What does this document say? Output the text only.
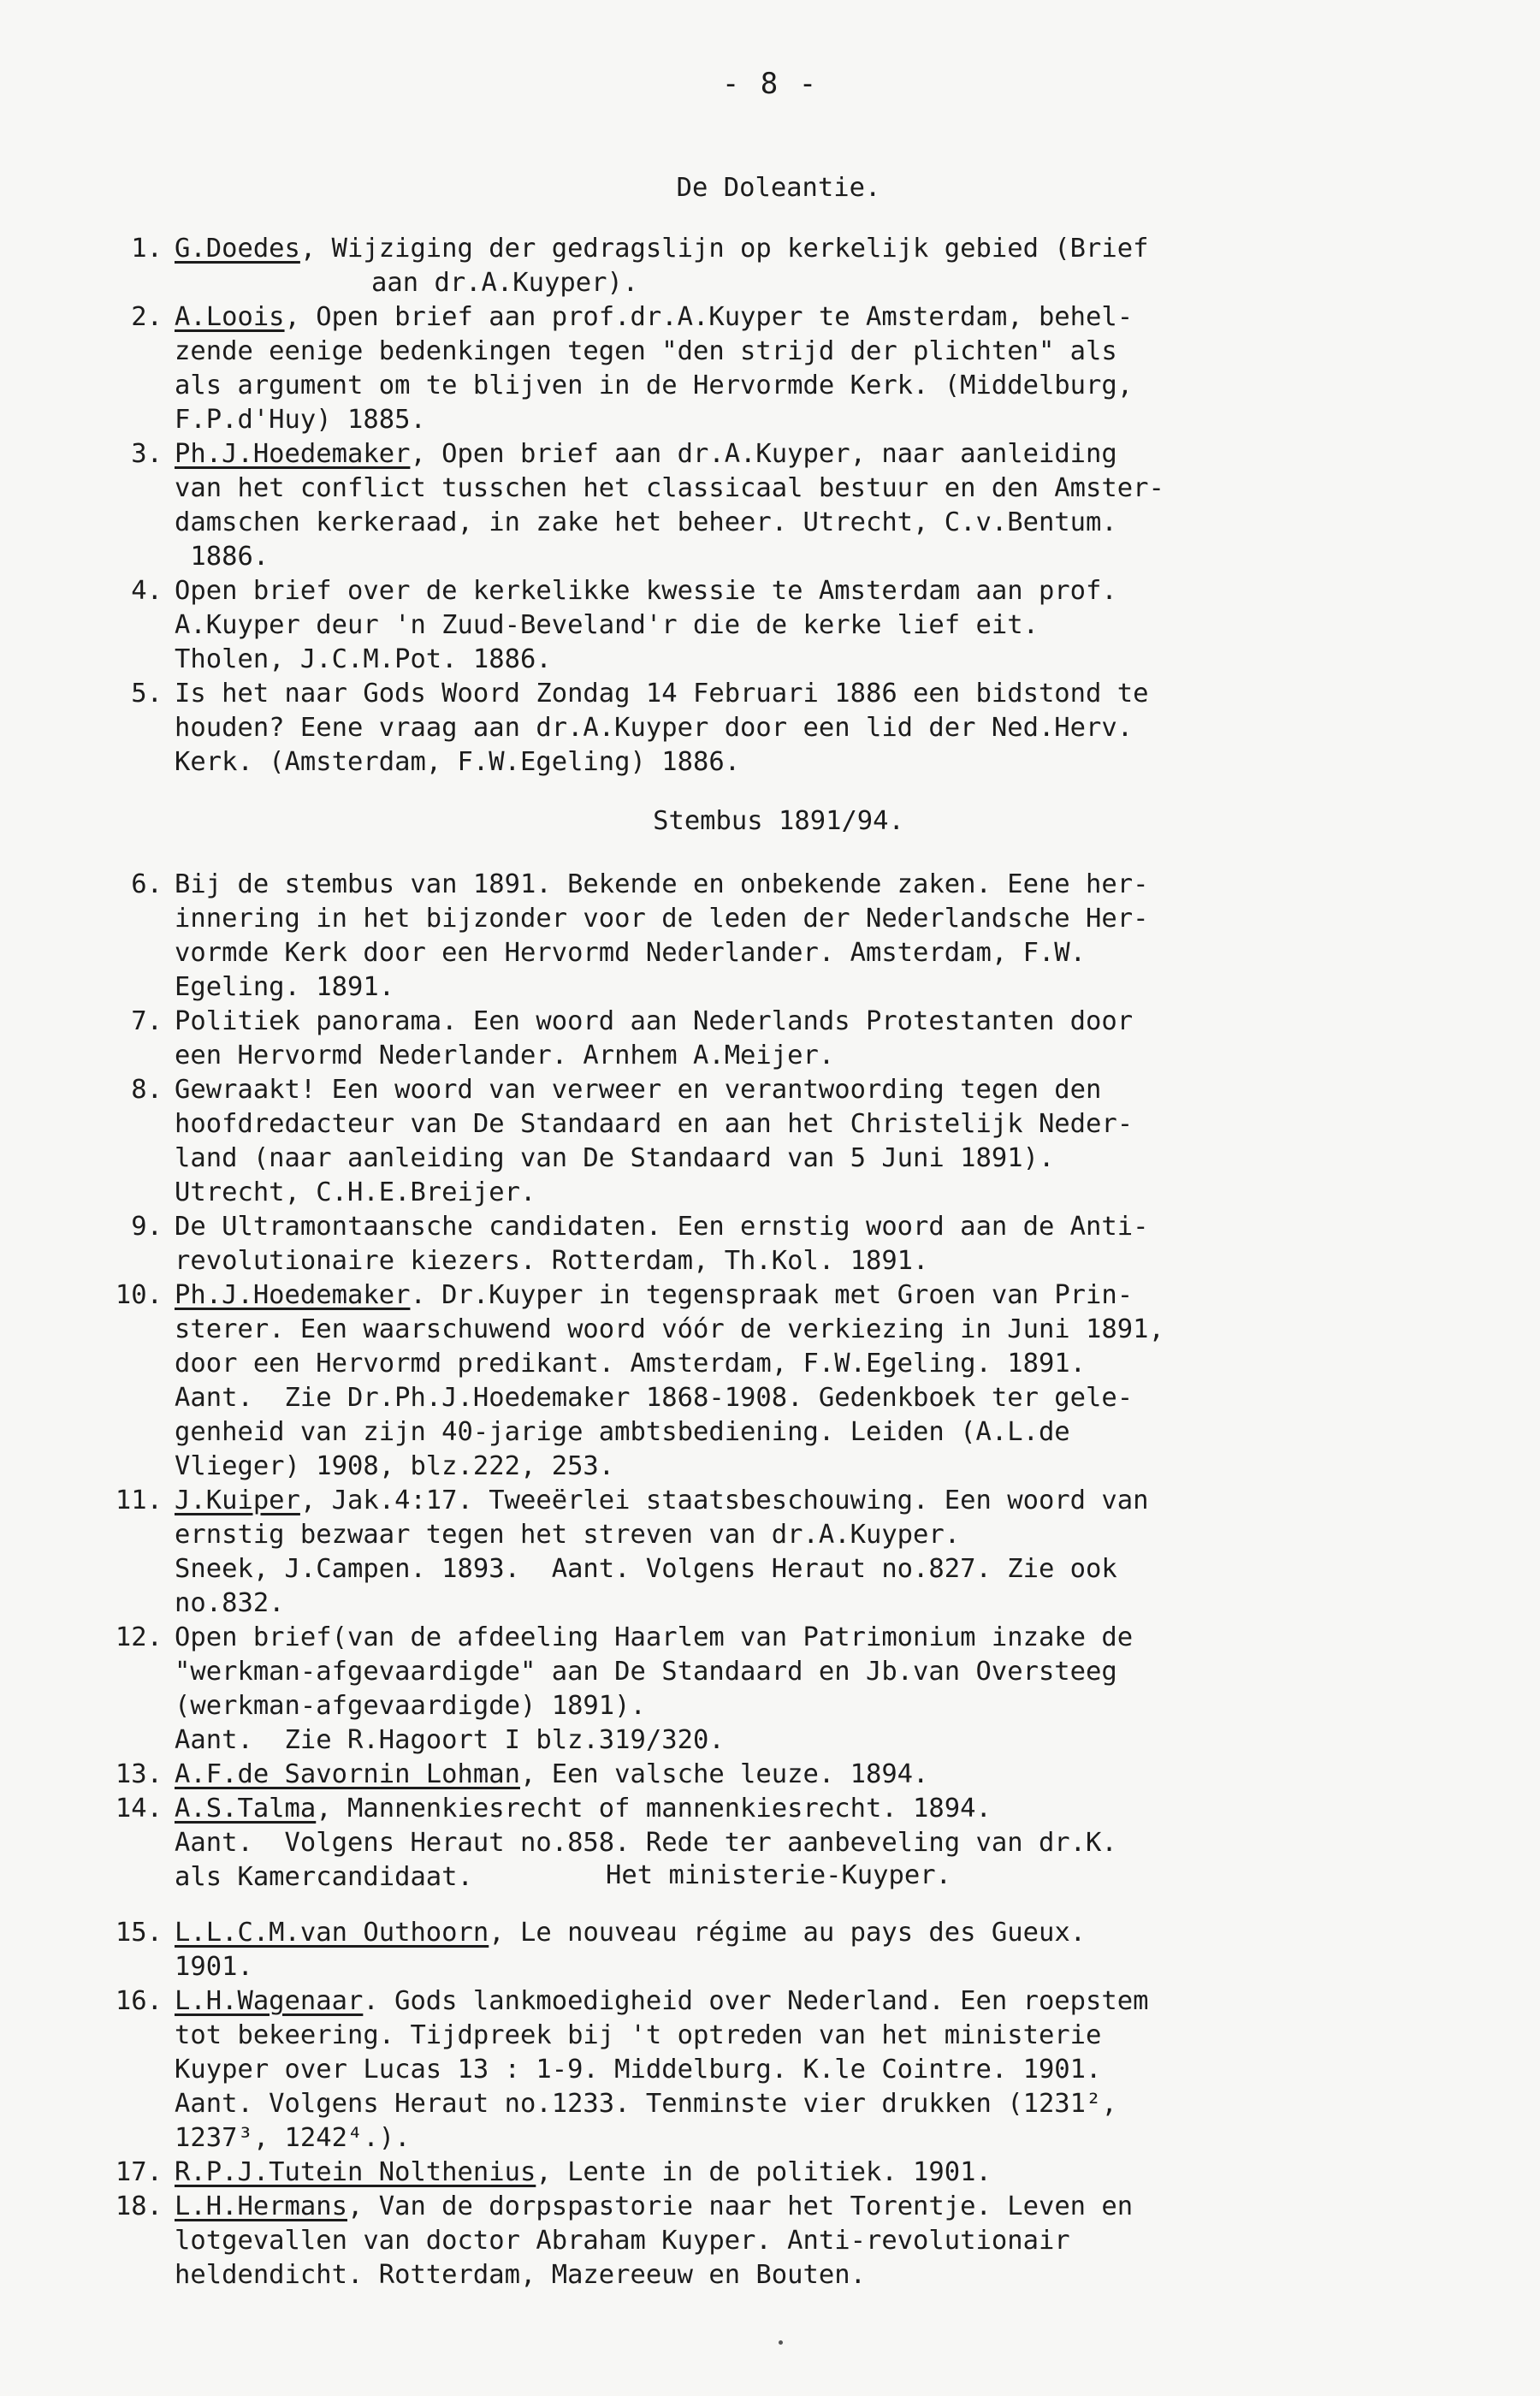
- 8 -
De Doleantie.
1. G.Doedes, Wijziging der gedragslijn op kerkelijk gebied (Brief
aan dr.A.Kuyper).
2. A.Loois, Open brief aan prof.dr.A.Kuyper te Amsterdam, behel-
zende eenige bedenkingen tegen "den strijd der plichten" als
als argument om te blijven in de Hervormde Kerk. (Middelburg,
F.P.d'Huy) 1885.
3. Ph.J.Hoedemaker, Open brief aan dr.A.Kuyper, naar aanleiding
van het conflict tusschen het classicaal bestuur en den Amster-
damschen kerkeraad, in zake het beheer. Utrecht, C.v.Bentum.
1886.
4. Open brief over de kerkelikke kwessie te Amsterdam aan prof.
A.Kuyper deur 'n Zuud-Beveland'r die de kerke lief eit.
Tholen, J.C.M.Pot. 1886.
5. Is het naar Gods Woord Zondag 14 Februari 1886 een bidstond te
houden? Eene vraag aan dr.A.Kuyper door een lid der Ned.Herv.
Kerk. (Amsterdam, F.W.Egeling) 1886.
Stembus 1891/94.
6. Bij de stembus van 1891. Bekende en onbekende zaken. Eene her-
innering in het bijzonder voor de leden der Nederlandsche Her-
vormde Kerk door een Hervormd Nederlander. Amsterdam, F.W.
Egeling. 1891.
7. Politiek panorama. Een woord aan Nederlands Protestanten door
een Hervormd Nederlander. Arnhem A.Meijer.
8. Gewraakt! Een woord van verweer en verantwoording tegen den
hoofdredacteur van De Standaard en aan het Christelijk Neder-
land (naar aanleiding van De Standaard van 5 Juni 1891).
Utrecht, C.H.E.Breijer.
9. De Ultramontaansche candidaten. Een ernstig woord aan de Anti-
revolutionaire kiezers. Rotterdam, Th.Kol. 1891.
10. Ph.J.Hoedemaker. Dr.Kuyper in tegenspraak met Groen van Prin-
sterer. Een waarschuwend woord vóór de verkiezing in Juni 1891,
door een Hervormd predikant. Amsterdam, F.W.Egeling. 1891.
Aant.  Zie Dr.Ph.J.Hoedemaker 1868-1908. Gedenkboek ter gele-
genheid van zijn 40-jarige ambtsbediening. Leiden (A.L.de
Vlieger) 1908, blz.222, 253.
11. J.Kuiper, Jak.4:17. Tweeërlei staatsbeschouwing. Een woord van
ernstig bezwaar tegen het streven van dr.A.Kuyper.
Sneek, J.Campen. 1893.  Aant. Volgens Heraut no.827. Zie ook
no.832.
12. Open brief(van de afdeeling Haarlem van Patrimonium inzake de
"werkman-afgevaardigde" aan De Standaard en Jb.van Oversteeg
(werkman-afgevaardigde) 1891).
Aant.  Zie R.Hagoort I blz.319/320.
13. A.F.de Savornin Lohman, Een valsche leuze. 1894.
14. A.S.Talma, Mannenkiesrecht of mannenkiesrecht. 1894.
Aant.  Volgens Heraut no.858. Rede ter aanbeveling van dr.K.
als Kamercandidaat.	Het ministerie-Kuyper.
15. L.L.C.M.van Outhoorn, Le nouveau régime au pays des Gueux.
1901.
16. L.H.Wagenaar. Gods lankmoedigheid over Nederland. Een roepstem
tot bekeering. Tijdpreek bij 't optreden van het ministerie
Kuyper over Lucas 13 : 1-9. Middelburg. K.le Cointre. 1901.
Aant. Volgens Heraut no.1233. Tenminste vier drukken (1231²,
1237³, 1242⁴.).
17. R.P.J.Tutein Nolthenius, Lente in de politiek. 1901.
18. L.H.Hermans, Van de dorpspastorie naar het Torentje. Leven en
lotgevallen van doctor Abraham Kuyper. Anti-revolutionair
heldendicht. Rotterdam, Mazereeuw en Bouten.
